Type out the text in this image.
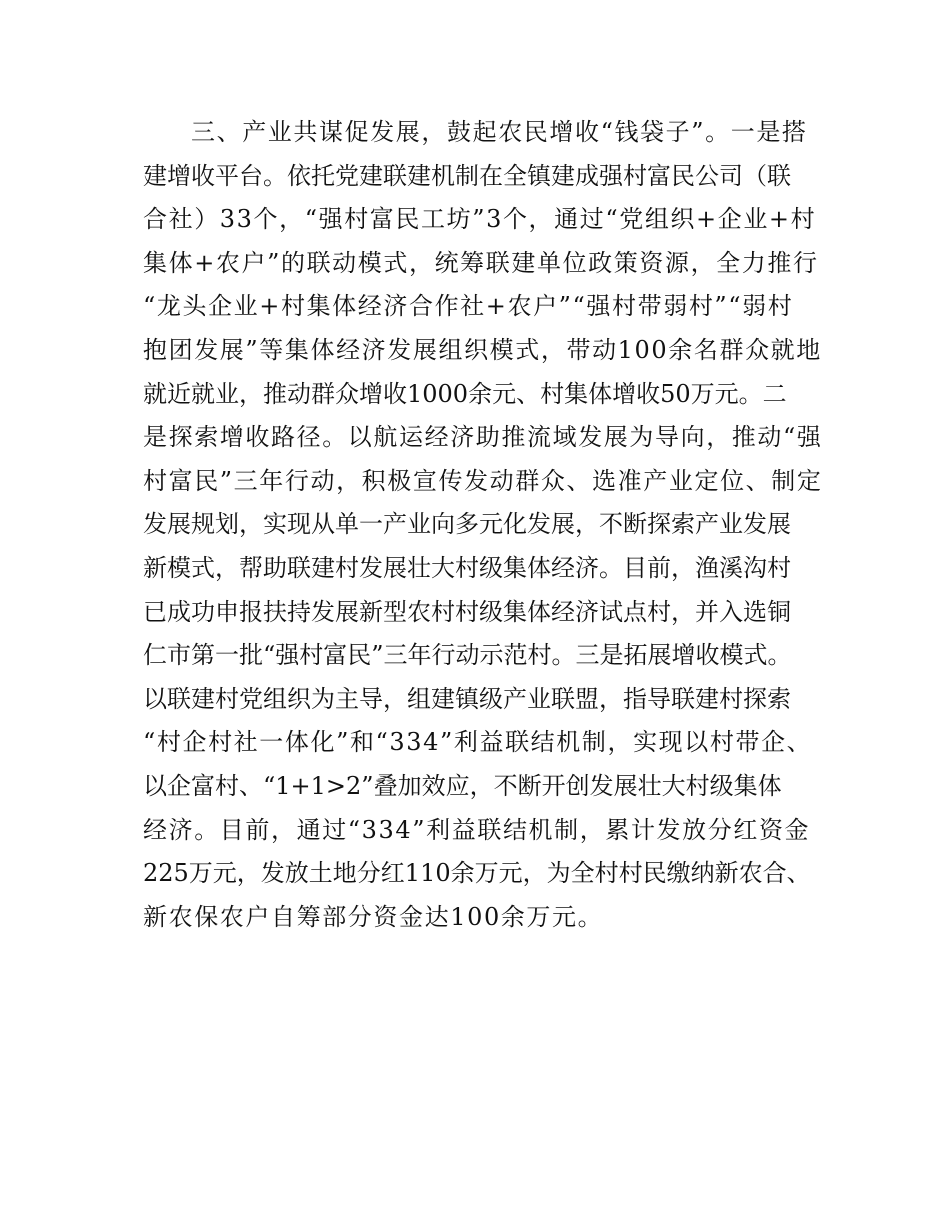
三、产业共谋促发展，鼓起农民增收“钱袋子”。一是搭
建增收平台。依托党建联建机制在全镇建成强村富民公司（联
合社）33个，“强村富民工坊”3个，通过“党组织+企业+村
集体+农户”的联动模式，统筹联建单位政策资源，全力推行
“龙头企业+村集体经济合作社+农户”“强村带弱村”“弱村
抱团发展”等集体经济发展组织模式，带动100余名群众就地
就近就业，推动群众增收1000余元、村集体增收50万元。二
是探索增收路径。以航运经济助推流域发展为导向，推动“强
村富民”三年行动，积极宣传发动群众、选准产业定位、制定
发展规划，实现从单一产业向多元化发展，不断探索产业发展
新模式，帮助联建村发展壮大村级集体经济。目前，渔溪沟村
已成功申报扶持发展新型农村村级集体经济试点村，并入选铜
仁市第一批“强村富民”三年行动示范村。三是拓展增收模式。
以联建村党组织为主导，组建镇级产业联盟，指导联建村探索
“村企村社一体化”和“334”利益联结机制，实现以村带企、
以企富村、“1+1>2”叠加效应，不断开创发展壮大村级集体
经济。目前，通过“334”利益联结机制，累计发放分红资金
225万元，发放土地分红110余万元，为全村村民缴纳新农合、
新农保农户自筹部分资金达100余万元。
